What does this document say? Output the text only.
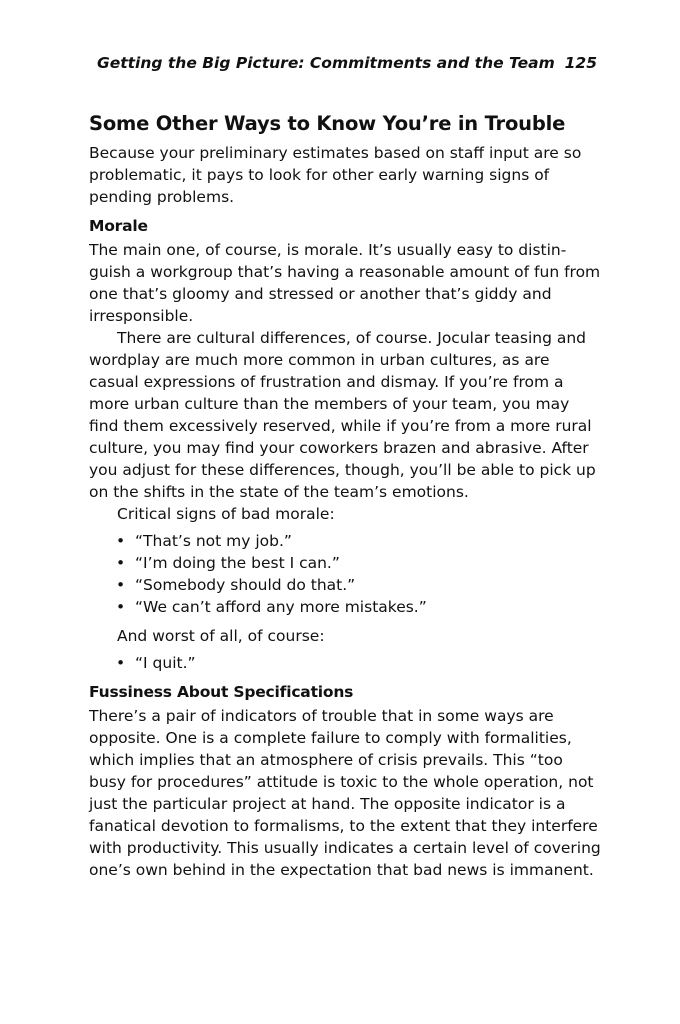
Getting the Big Picture: Commitments and the Team 125
Some Other Ways to Know You’re in Trouble

Because your preliminary estimates based on staff input are so problematic, it pays to look for other early warning signs of pending problems.

Morale

The main one, of course, is morale. It’s usually easy to distin-guish a workgroup that’s having a reasonable amount of fun from one that’s gloomy and stressed or another that’s giddy and irresponsible.

There are cultural differences, of course. Jocular teasing and wordplay are much more common in urban cultures, as are casual expressions of frustration and dismay. If you’re from a more urban culture than the members of your team, you may find them excessively reserved, while if you’re from a more rural culture, you may find your coworkers brazen and abrasive. After you adjust for these differences, though, you’ll be able to pick up on the shifts in the state of the team’s emotions.

Critical signs of bad morale:

• “That’s not my job.”
• “I’m doing the best I can.”
• “Somebody should do that.”
• “We can’t afford any more mistakes.”

And worst of all, of course:

• “I quit.”
Fussiness About Specifications

There’s a pair of indicators of trouble that in some ways are opposite. One is a complete failure to comply with formalities, which implies that an atmosphere of crisis prevails. This “too busy for procedures” attitude is toxic to the whole operation, not just the particular project at hand. The opposite indicator is a fanatical devotion to formalisms, to the extent that they interfere with productivity. This usually indicates a certain level of covering one’s own behind in the expectation that bad news is immanent.
